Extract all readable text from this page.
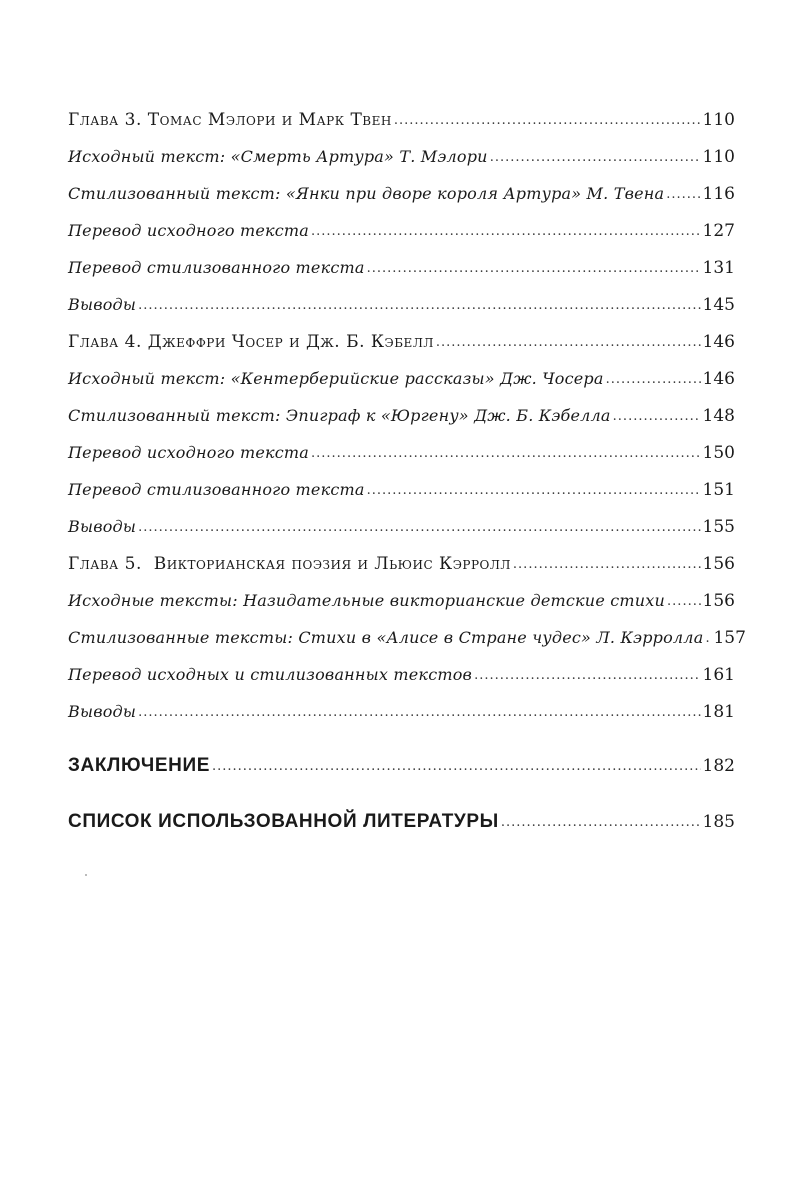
Глава 3. Томас Мэлори и Марк Твен .....	110
Исходный текст: «Смерть Артура» Т. Мэлори .....	110
Стилизованный текст: «Янки при дворе короля Артура» М. Твена ..... 116
Перевод исходного текста .....	127
Перевод стилизованного текста .....	131
Выводы .....	145
Глава 4. Джеффри Чосер и Дж. Б. Кэбелл .....	146
Исходный текст: «Кентерберийские рассказы» Дж. Чосера .....	146
Стилизованный текст: Эпиграф к «Юргену» Дж. Б. Кэбелла .....	148
Перевод исходного текста .....	150
Перевод стилизованного текста .....	151
Выводы .....	155
Глава 5.  Викторианская поэзия и Льюис Кэрролл .....	156
Исходные тексты: Назидательные викторианские детские стихи ..... 156
Стилизованные тексты: Стихи в «Алисе в Стране чудес» Л. Кэрролла ..... 157
Перевод исходных и стилизованных текстов .....	161
Выводы .....	181
ЗАКЛЮЧЕНИЕ .....	182
СПИСОК ИСПОЛЬЗОВАННОЙ ЛИТЕРАТУРЫ .....	185
